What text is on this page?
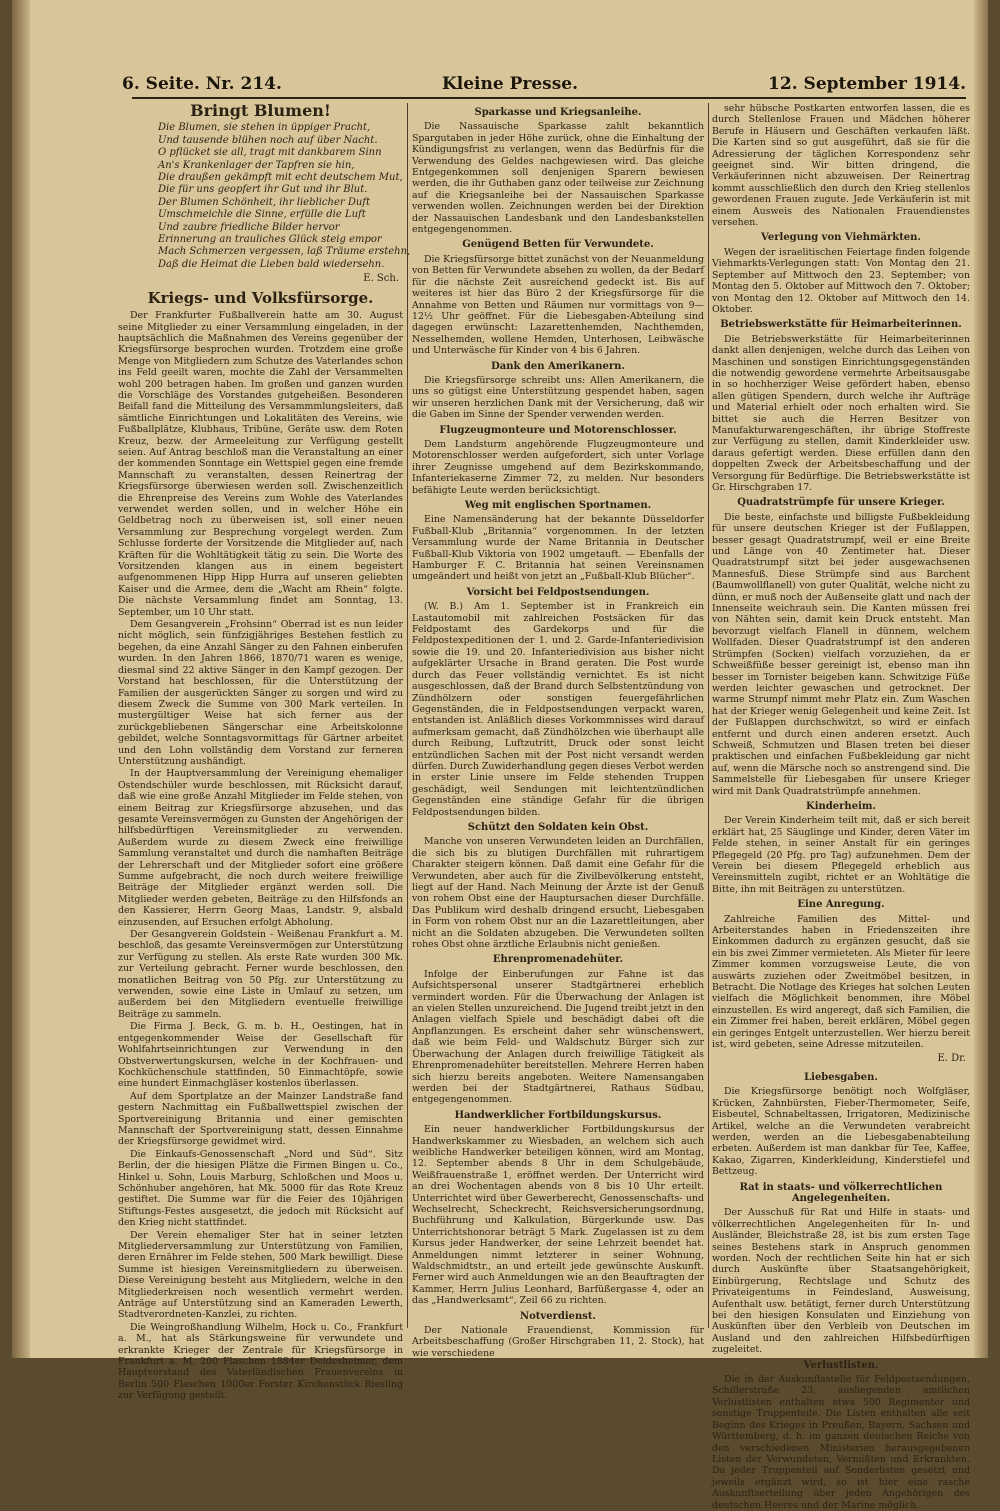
6. Seite. Nr. 214.	Kleine Presse.	12. September 1914.
Bringt Blumen!
Die Blumen, sie stehen in üppiger Pracht,
Und tausende blühen noch auf über Nacht.
O pflücket sie all, tragt mit dankbarem Sinn
An's Krankenlager der Tapfren sie hin,
Die draußen gekämpft mit echt deutschem Mut,
Die für uns geopfert ihr Gut und ihr Blut.
Der Blumen Schönheit, ihr lieblicher Duft
Umschmeichle die Sinne, erfülle die Luft
Und zaubre friedliche Bilder hervor
Erinnerung an trauliches Glück steig empor
Mach Schmerzen vergessen, laß Träume erstehn,
Daß die Heimat die Lieben bald wiedersehn.
E. Sch.
Kriegs- und Volksfürsorge.

Der Frankfurter Fußballverein hatte am 30. August seine Mitglieder zu einer Versammlung eingeladen, in der hauptsächlich die Maßnahmen des Vereins gegenüber der Kriegsfürsorge besprochen wurden. Trotzdem eine große Menge von Mitgliedern zum Schutze des Vaterlandes schon ins Feld geeilt waren, mochte die Zahl der Versammelten wohl 200 betragen haben. Im großen und ganzen wurden die Vorschläge des Vorstandes gutgeheißen. Besonderen Beifall fand die Mitteilung des Versammmlungsleiters, daß sämtliche Einrichtungen und Lokalitäten des Vereins, wie Fußballplätze, Klubhaus, Tribüne, Geräte usw. dem Roten Kreuz, bezw. der Armeeleitung zur Verfügung gestellt seien. Auf Antrag beschloß man die Veranstaltung an einer der kommenden Sonntage ein Wettspiel gegen eine fremde Mannschaft zu veranstalten, dessen Reinertrag der Kriegsfürsorge überwiesen werden soll. Zwischenzeitlich die Ehrenpreise des Vereins zum Wohle des Vaterlandes verwendet werden sollen, und in welcher Höhe ein Geldbetrag noch zu überweisen ist, soll einer neuen Versammlung zur Besprechung vorgelegt werden. Zum Schlusse forderte der Vorsitzende die Mitglieder auf, nach Kräften für die Wohltätigkeit tätig zu sein. Die Worte des Vorsitzenden klangen aus in einem begeistert aufgenommenen Hipp Hipp Hurra auf unseren geliebten Kaiser und die Armee, dem die „Wacht am Rhein“ folgte. Die nächste Versammlung findet am Sonntag, 13. September, um 10 Uhr statt.

Dem Gesangverein „Frohsinn“ Oberrad ist es nun leider nicht möglich, sein fünfzigjähriges Bestehen festlich zu begehen, da eine Anzahl Sänger zu den Fahnen einberufen wurden. In den Jahren 1866, 1870/71 waren es wenige, diesmal sind 22 aktive Sänger in den Kampf gezogen. Der Vorstand hat beschlossen, für die Unterstützung der Familien der ausgerückten Sänger zu sorgen und wird zu diesem Zweck die Summe von 300 Mark verteilen. In mustergültiger Weise hat sich ferner aus der zurückgebliebenen Sängerschar eine Arbeitskolonne gebildet, welche Sonntagsvormittags für Gärtner arbeitet und den Lohn vollständig dem Vorstand zur ferneren Unterstützung aushändigt.

In der Hauptversammlung der Vereinigung ehemaliger Ostendschüler wurde beschlossen, mit Rücksicht darauf, daß wie eine große Anzahl Mitglieder im Felde stehen, von einem Beitrag zur Kriegsfürsorge abzusehen, und das gesamte Vereinsvermögen zu Gunsten der Angehörigen der hilfsbedürftigen Vereinsmitglieder zu verwenden. Außerdem wurde zu diesem Zweck eine freiwillige Sammlung veranstaltet und durch die namhaften Beiträge der Lehrerschaft und der Mitglieder sofort eine größere Summe aufgebracht, die noch durch weitere freiwillige Beiträge der Mitglieder ergänzt werden soll. Die Mitglieder werden gebeten, Beiträge zu den Hilfsfonds an den Kassierer, Herrn Georg Maas, Landstr. 9, alsbald einzusenden, auf Ersuchen erfolgt Abholung.

Der Gesangverein Goldstein - Weißenau Frankfurt a. M. beschloß, das gesamte Vereinsvermögen zur Unterstützung zur Verfügung zu stellen. Als erste Rate wurden 300 Mk. zur Verteilung gebracht. Ferner wurde beschlossen, den monatlichen Beitrag von 50 Pfg. zur Unterstützung zu verwenden, sowie eine Liste in Umlauf zu setzen, um außerdem bei den Mitgliedern eventuelle freiwillige Beiträge zu sammeln.

Die Firma J. Beck, G. m. b. H., Oestingen, hat in entgegenkommender Weise der Gesellschaft für Wohlfahrtseinrichtungen zur Verwendung in den Obstverwertungskursen, welche in der Kochfrauen- und Kochküchenschule stattfinden, 50 Einmachtöpfe, sowie eine hundert Einmachgläser kostenlos überlassen.

Auf dem Sportplatze an der Mainzer Landstraße fand gestern Nachmittag ein Fußballwettspiel zwischen der Sportvereinigung Britannia und einer gemischten Mannschaft der Sportvereinigung statt, dessen Einnahme der Kriegsfürsorge gewidmet wird.

Die Einkaufs-Genossenschaft „Nord und Süd“. Sitz Berlin, der die hiesigen Plätze die Firmen Bingen u. Co., Hinkel u. Sohn, Louis Marburg, Schloßchen und Moos u. Schönhuber angehören, hat Mk. 5000 für das Rote Kreuz gestiftet. Die Summe war für die Feier des 10jährigen Stiftungs-Festes ausgesetzt, die jedoch mit Rücksicht auf den Krieg nicht stattfindet.

Der Verein ehemaliger Ster hat in seiner letzten Mitgliederversammlung zur Unterstützung von Familien, deren Ernährer im Felde stehen, 500 Mark bewilligt. Diese Summe ist hiesigen Vereinsmitgliedern zu überweisen. Diese Vereinigung besteht aus Mitgliedern, welche in den Mitgliederkreisen noch wesentlich vermehrt werden. Anträge auf Unterstützung sind an Kameraden Lewerth, Stadtverordneten-Kanzlei, zu richten.

Die Weingroßhandlung Wilhelm, Hock u. Co., Frankfurt a. M., hat als Stärkungsweine für verwundete und erkrankte Krieger der Zentrale für Kriegsfürsorge in Frankfurt a. M. 200 Flaschen 1884er Deidesheimer, dem Hauptvorstand des Vaterländischen Frauenvereins in Berlin 500 Flaschen 1900er Forster Kirchenstück Riesling zur Verfügung gestellt.

Sparkasse und Kriegsanleihe.

Die Nassauische Sparkasse zahlt bekanntlich Spargutaben in jeder Höhe zurück, ohne die Einhaltung der Kündigungsfrist zu verlangen, wenn das Bedürfnis für die Verwendung des Geldes nachgewiesen wird. Das gleiche Entgegenkommen soll denjenigen Sparern bewiesen werden, die ihr Guthaben ganz oder teilweise zur Zeichnung auf die Kriegsanleihe bei der Nassauischen Sparkasse verwenden wollen. Zeichnungen werden bei der Direktion der Nassauischen Landesbank und den Landesbankstellen entgegengenommen.

Genügend Betten für Verwundete.

Die Kriegsfürsorge bittet zunächst von der Neuanmeldung von Betten für Verwundete absehen zu wollen, da der Bedarf für die nächste Zeit ausreichend gedeckt ist. Bis auf weiteres ist hier das Büro 2 der Kriegsfürsorge für die Annahme von Betten und Räumen nur vormittags von 9—12½ Uhr geöffnet. Für die Liebesgaben-Abteilung sind dagegen erwünscht: Lazarettenhemden, Nachthemden, Nesselhemden, wollene Hemden, Unterhosen, Leibwäsche und Unterwäsche für Kinder von 4 bis 6 Jahren.

Dank den Amerikanern.

Die Kriegsfürsorge schreibt uns: Allen Amerikanern, die uns so gütigst eine Unterstützung gespendet haben, sagen wir unseren herzlichen Dank mit der Versicherung, daß wir die Gaben im Sinne der Spender verwenden werden.

Flugzeugmonteure und Motorenschlosser.

Dem Landsturm angehörende Flugzeugmonteure und Motorenschlosser werden aufgefordert, sich unter Vorlage ihrer Zeugnisse umgehend auf dem Bezirkskommando, Infanteriekaserne Zimmer 72, zu melden. Nur besonders befähigte Leute werden berücksichtigt.

Weg mit englischen Sportnamen.

Eine Namensänderung hat der bekannte Düsseldorfer Fußball-Klub „Britannia“ vorgenommen. In der letzten Versammlung wurde der Name Britannia in Deutscher Fußball-Klub Viktoria von 1902 umgetauft. — Ebenfalls der Hamburger F. C. Britannia hat seinen Vereinsnamen umgeändert und heißt von jetzt an „Fußball-Klub Blücher“.

Vorsicht bei Feldpostsendungen.

(W. B.) Am 1. September ist in Frankreich ein Lastautomobil mit zahlreichen Postsäcken für das Feldpostamt des Gardekorps und für die Feldpostexpeditionen der 1. und 2. Garde-Infanteriedivision sowie die 19. und 20. Infanteriedivision aus bisher nicht aufgeklärter Ursache in Brand geraten. Die Post wurde durch das Feuer vollständig vernichtet. Es ist nicht ausgeschlossen, daß der Brand durch Selbstentzündung von Zündhölzern oder sonstigen feuergefährlichen Gegenständen, die in Feldpostsendungen verpackt waren, entstanden ist. Anläßlich dieses Vorkommnisses wird darauf aufmerksam gemacht, daß Zündhölzchen wie überhaupt alle durch Reibung, Luftzutritt, Druck oder sonst leicht entzündlichen Sachen mit der Post nicht versandt werden dürfen. Durch Zuwiderhandlung gegen dieses Verbot werden in erster Linie unsere im Felde stehenden Truppen geschädigt, weil Sendungen mit leichtentzündlichen Gegenständen eine ständige Gefahr für die übrigen Feldpostsendungen bilden.

Schützt den Soldaten kein Obst.

Manche von unseren Verwundeten leiden an Durchfällen, die sich bis zu blutigen Durchfällen mit ruhrartigem Charakter steigern können. Daß damit eine Gefahr für die Verwundeten, aber auch für die Zivilbevölkerung entsteht, liegt auf der Hand. Nach Meinung der Ärzte ist der Genuß von rohem Obst eine der Hauptursachen dieser Durchfälle. Das Publikum wird deshalb dringend ersucht, Liebesgaben in Form von rohem Obst nur an die Lazarettleitungen, aber nicht an die Soldaten abzugeben. Die Verwundeten sollten rohes Obst ohne ärztliche Erlaubnis nicht genießen.

Ehrenpromenadehüter.

Infolge der Einberufungen zur Fahne ist das Aufsichtspersonal unserer Stadtgärtnerei erheblich vermindert worden. Für die Überwachung der Anlagen ist an vielen Stellen unzureichend. Die Jugend treibt jetzt in den Anlagen vielfach Spiele und beschädigt dabei oft die Anpflanzungen. Es erscheint daher sehr wünschenswert, daß wie beim Feld- und Waldschutz Bürger sich zur Überwachung der Anlagen durch freiwillige Tätigkeit als Ehrenpromenadehüter bereitstellen. Mehrere Herren haben sich hierzu bereits angeboten. Weitere Namensangaben werden bei der Stadtgärtnerei, Rathaus Südbau, entgegengenommen.

Handwerklicher Fortbildungskursus.

Ein neuer handwerklicher Fortbildungskursus der Handwerkskammer zu Wiesbaden, an welchem sich auch weibliche Handwerker beteiligen können, wird am Montag, 12. September abends 8 Uhr in dem Schulgebäude, Weißfrauenstraße 1, eröffnet werden. Der Unterricht wird an drei Wochentagen abends von 8 bis 10 Uhr erteilt. Unterrichtet wird über Gewerberecht, Genossenschafts- und Wechselrecht, Scheckrecht, Reichsversicherungsordnung, Buchführung und Kalkulation, Bürgerkunde usw. Das Unterrichtshonorar beträgt 5 Mark. Zugelassen ist zu dem Kursus jeder Handwerker, der seine Lehrzeit beendet hat. Anmeldungen nimmt letzterer in seiner Wohnung, Waldschmidtstr., an und erteilt jede gewünschte Auskunft. Ferner wird auch Anmeldungen wie an den Beauftragten der Kammer, Herrn Julius Leonhard, Barfüßergasse 4, oder an das „Handwerksamt“, Zeil 66 zu richten.

Notverdienst.

Der Nationale Frauendienst, Kommission für Arbeitsbeschaffung (Großer Hirschgraben 11, 2. Stock), hat wie verschiedene

sehr hübsche Postkarten entworfen lassen, die es durch Stellenlose Frauen und Mädchen höherer Berufe in Häusern und Geschäften verkaufen läßt. Die Karten sind so gut ausgeführt, daß sie für die Adressierung der täglichen Korrespondenz sehr geeignet sind. Wir bitten dringend, die Verkäuferinnen nicht abzuweisen. Der Reinertrag kommt ausschließlich den durch den Krieg stellenlos gewordenen Frauen zugute. Jede Verkäuferin ist mit einem Ausweis des Nationalen Frauendienstes versehen.

Verlegung von Viehmärkten.

Wegen der israelitischen Feiertage finden folgende Viehmarkts-Verlegungen statt: Von Montag den 21. September auf Mittwoch den 23. September; von Montag den 5. Oktober auf Mittwoch den 7. Oktober; von Montag den 12. Oktober auf Mittwoch den 14. Oktober.

Betriebswerkstätte für Heimarbeiterinnen.

Die Betriebswerkstätte für Heimarbeiterinnen dankt allen denjenigen, welche durch das Leihen von Maschinen und sonstigen Einrichtungsgegenständen die notwendig gewordene vermehrte Arbeitsausgabe in so hochherziger Weise gefördert haben, ebenso allen gütigen Spendern, durch welche ihr Aufträge und Material erhielt oder noch erhalten wird. Sie bittet sie auch die Herren Besitzer von Manufakturwarengeschäften, ihr übrige Stoffreste zur Verfügung zu stellen, damit Kinderkleider usw. daraus gefertigt werden. Diese erfüllen dann den doppelten Zweck der Arbeitsbeschaffung und der Versorgung für Bedürftige. Die Betriebswerkstätte ist Gr. Hirschgraben 17.

Quadratstrümpfe für unsere Krieger.

Die beste, einfachste und billigste Fußbekleidung für unsere deutschen Krieger ist der Fußlappen, besser gesagt Quadratstrumpf, weil er eine Breite und Länge von 40 Zentimeter hat. Dieser Quadratstrumpf sitzt bei jeder ausgewachsenen Mannesfuß. Diese Strümpfe sind aus Barchent (Baumwollflanell) von guter Qualität, welche nicht zu dünn, er muß noch der Außenseite glatt und nach der Innenseite weichrauh sein. Die Kanten müssen frei von Nähten sein, damit kein Druck entsteht. Man bevorzugt vielfach Flanell in dünnem, welchem Wollfaden. Dieser Quadratstrumpf ist den anderen Strümpfen (Socken) vielfach vorzuziehen, da er Schweißfüße besser gereinigt ist, ebenso man ihn besser im Tornister beigeben kann. Schwitzige Füße werden leichter gewaschen und getrocknet. Der warme Strumpf nimmt mehr Platz ein. Zum Waschen hat der Krieger wenig Gelegenheit und keine Zeit. Ist der Fußlappen durchschwitzt, so wird er einfach entfernt und durch einen anderen ersetzt. Auch Schweiß, Schmutzen und Blasen treten bei dieser praktischen und einfachen Fußbekleidung gar nicht auf, wenn die Märsche noch so anstrengend sind. Die Sammelstelle für Liebesgaben für unsere Krieger wird mit Dank Quadratstrümpfe annehmen.

Kinderheim.

Der Verein Kinderheim teilt mit, daß er sich bereit erklärt hat, 25 Säuglinge und Kinder, deren Väter im Felde stehen, in seiner Anstalt für ein geringes Pflegegeld (20 Pfg. pro Tag) aufzunehmen. Dem der Verein bei diesem Pflegegeld erheblich aus Vereinsmitteln zugibt, richtet er an Wohltätige die Bitte, ihn mit Beiträgen zu unterstützen.

Eine Anregung.

Zahlreiche Familien des Mittel- und Arbeiterstandes haben in Friedenszeiten ihre Einkommen dadurch zu ergänzen gesucht, daß sie ein bis zwei Zimmer vermieteten. Als Mieter für leere Zimmer kommen vorzugsweise Leute, die von auswärts zuziehen oder Zweitmöbel besitzen, in Betracht. Die Notlage des Krieges hat solchen Leuten vielfach die Möglichkeit benommen, ihre Möbel einzustellen. Es wird angeregt, daß sich Familien, die ein Zimmer frei haben, bereit erklären, Möbel gegen ein geringes Entgelt unterzustellen. Wer hierzu bereit ist, wird gebeten, seine Adresse mitzuteilen.

E. Dr.
Liebesgaben.

Die Kriegsfürsorge benötigt noch Wolfgläser, Krücken, Zahnbürsten, Fieber-Thermometer, Seife, Eisbeutel, Schnabeltassen, Irrigatoren, Medizinische Artikel, welche an die Verwundeten verabreicht werden, werden an die Liebesgabenabteilung erbeten. Außerdem ist man dankbar für Tee, Kaffee, Kakao, Zigarren, Kinderkleidung, Kinderstiefel und Bettzeug.

Rat in staats- und völkerrechtlichen Angelegenheiten.

Der Ausschuß für Rat und Hilfe in staats- und völkerrechtlichen Angelegenheiten für In- und Ausländer, Bleichstraße 28, ist bis zum ersten Tage seines Bestehens stark in Anspruch genommen worden. Noch der rechtlichen Seite hin hat er sich durch Auskünfte über Staatsangehörigkeit, Einbürgerung, Rechtslage und Schutz des Privateigentums in Feindesland, Ausweisung, Aufenthalt usw. betätigt, ferner durch Unterstützung bei den hiesigen Konsulaten und Einziehung von Auskünften über den Verbleib von Deutschen im Ausland und den zahlreichen Hilfsbedürftigen zugeleitet.

Verlustlisten.

Die in der Auskunftsstelle für Feldpostsendungen, Schillerstraße 23, ausliegenden amtlichen Verlustlisten enthalten etwa 500 Regimenter und sonstige Truppenteile. Die Listen enthalten alle seit Beginn des Krieges in Preußen, Bayern, Sachsen und Württemberg, d. h. im ganzen deutschen Reiche von den verschiedenen Ministerien herausgegebenen Listen der Verwundeten, Vermißten und Erkrankten. Da jeder Truppenteil auf Sonderlisten gesetzt und jeweils ergänzt wird, so ist hier eine rasche Auskunftserteilung über jeden Angehörigen des deutschen Heeres und der Marine möglich.
